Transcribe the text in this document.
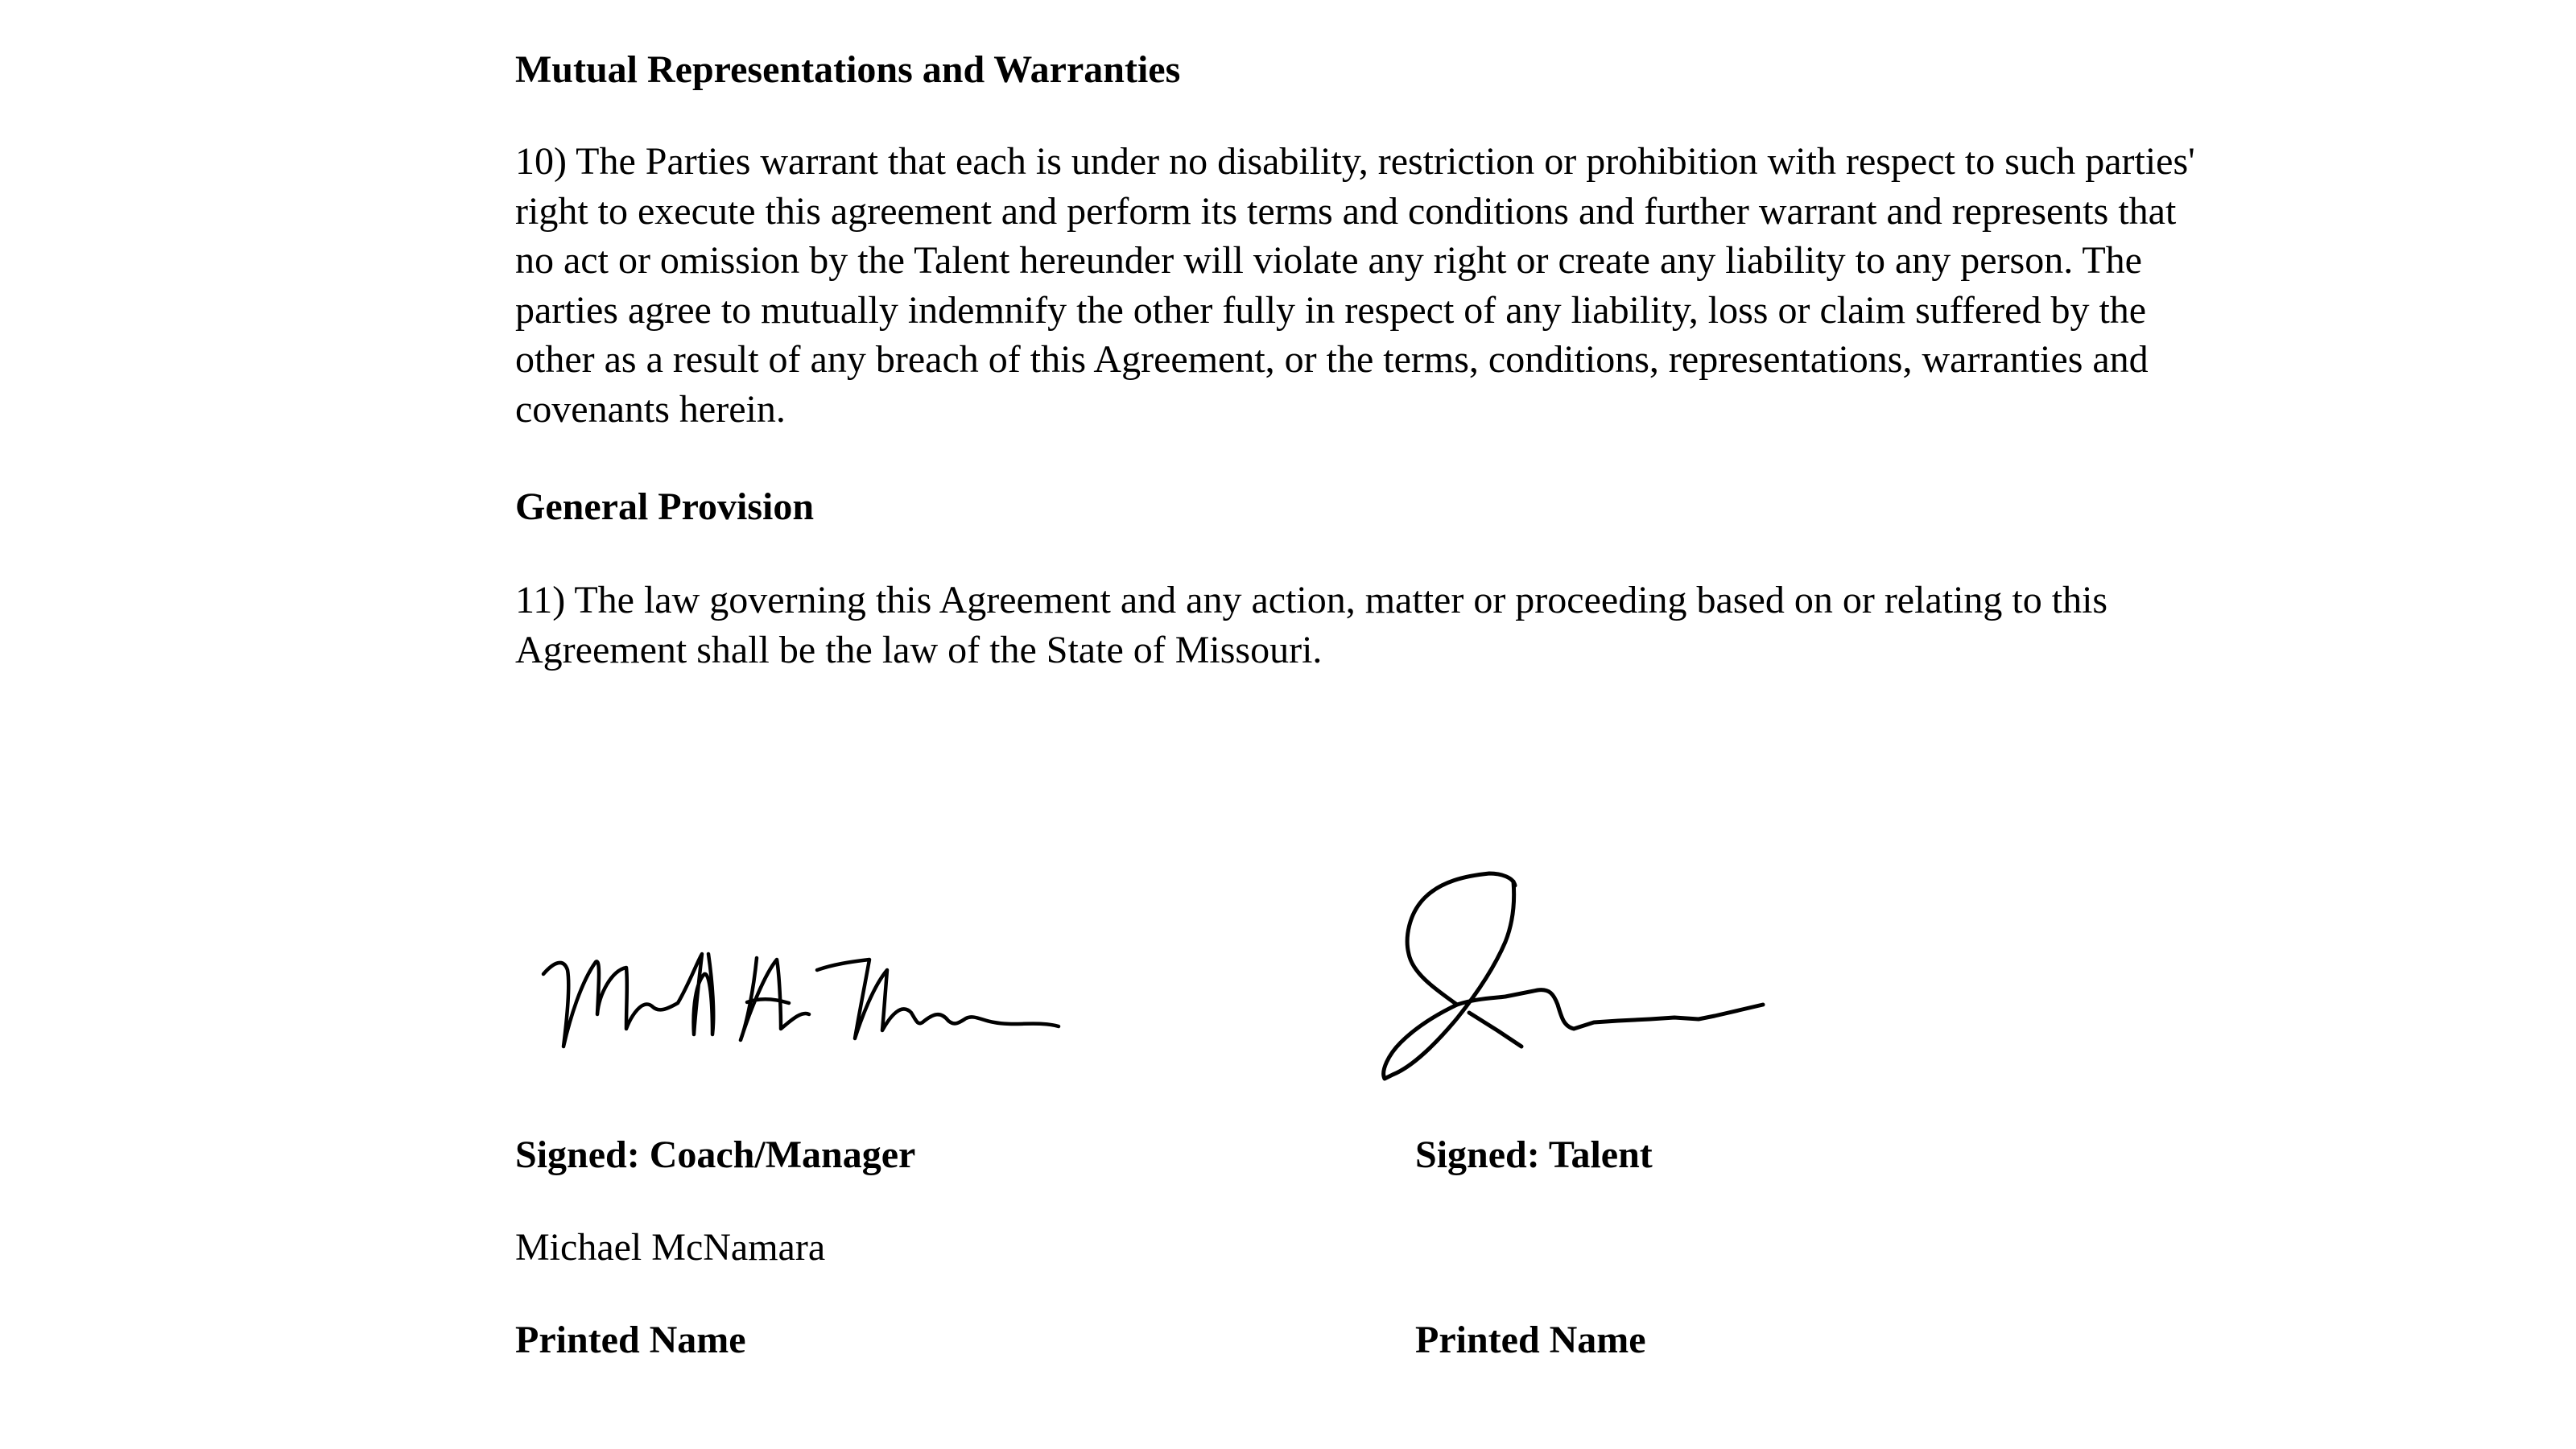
Mutual Representations and Warranties

10) The Parties warrant that each is under no disability, restriction or prohibition with respect to such parties' right to execute this agreement and perform its terms and conditions and further warrant and represents that no act or omission by the Talent hereunder will violate any right or create any liability to any person. The parties agree to mutually indemnify the other fully in respect of any liability, loss or claim suffered by the other as a result of any breach of this Agreement, or the terms, conditions, representations, warranties and covenants herein.

General Provision

11) The law governing this Agreement and any action, matter or proceeding based on or relating to this Agreement shall be the law of the State of Missouri.

Signed: Coach/Manager	Signed: Talent
Michael McNamara
Printed Name	Printed Name
